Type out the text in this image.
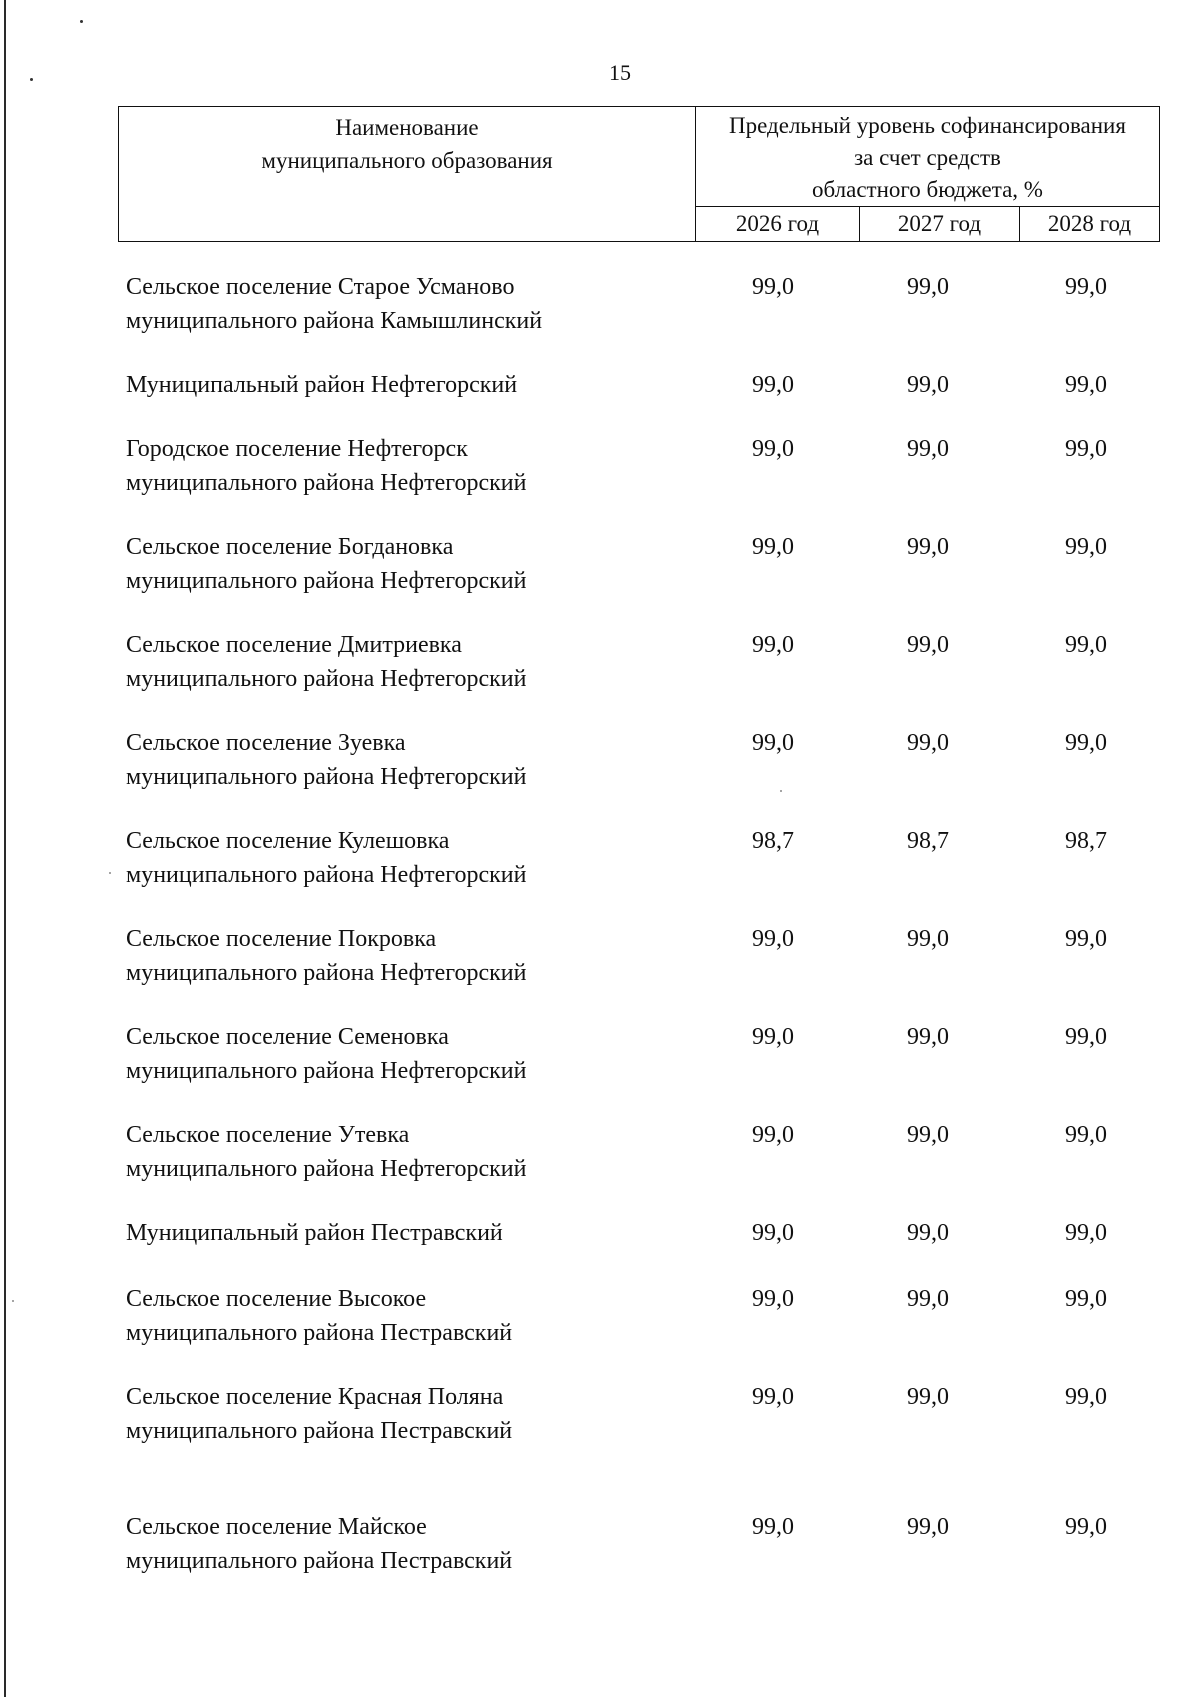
15
Наименование
муниципального образования
Предельный уровень софинансирования
за счет средств
областного бюджета, %
2026 год	2027 год	2028 год
Сельское поселение Старое Усманово
муниципального района Камышлинский
99,0	99,0	99,0
Муниципальный район Нефтегорский	99,0	99,0	99,0
Городское поселение Нефтегорск
муниципального района Нефтегорский
99,0	99,0	99,0
Сельское поселение Богдановка
муниципального района Нефтегорский
99,0	99,0	99,0
Сельское поселение Дмитриевка
муниципального района Нефтегорский
99,0	99,0	99,0
Сельское поселение Зуевка
муниципального района Нефтегорский
99,0	99,0	99,0
Сельское поселение Кулешовка
муниципального района Нефтегорский
98,7	98,7	98,7
Сельское поселение Покровка
муниципального района Нефтегорский
99,0	99,0	99,0
Сельское поселение Семеновка
муниципального района Нефтегорский
99,0	99,0	99,0
Сельское поселение Утевка
муниципального района Нефтегорский
99,0	99,0	99,0
Муниципальный район Пестравский	99,0	99,0	99,0
Сельское поселение Высокое
муниципального района Пестравский
99,0	99,0	99,0
Сельское поселение Красная Поляна
муниципального района Пестравский
99,0	99,0	99,0
Сельское поселение Майское
муниципального района Пестравский
99,0	99,0	99,0
